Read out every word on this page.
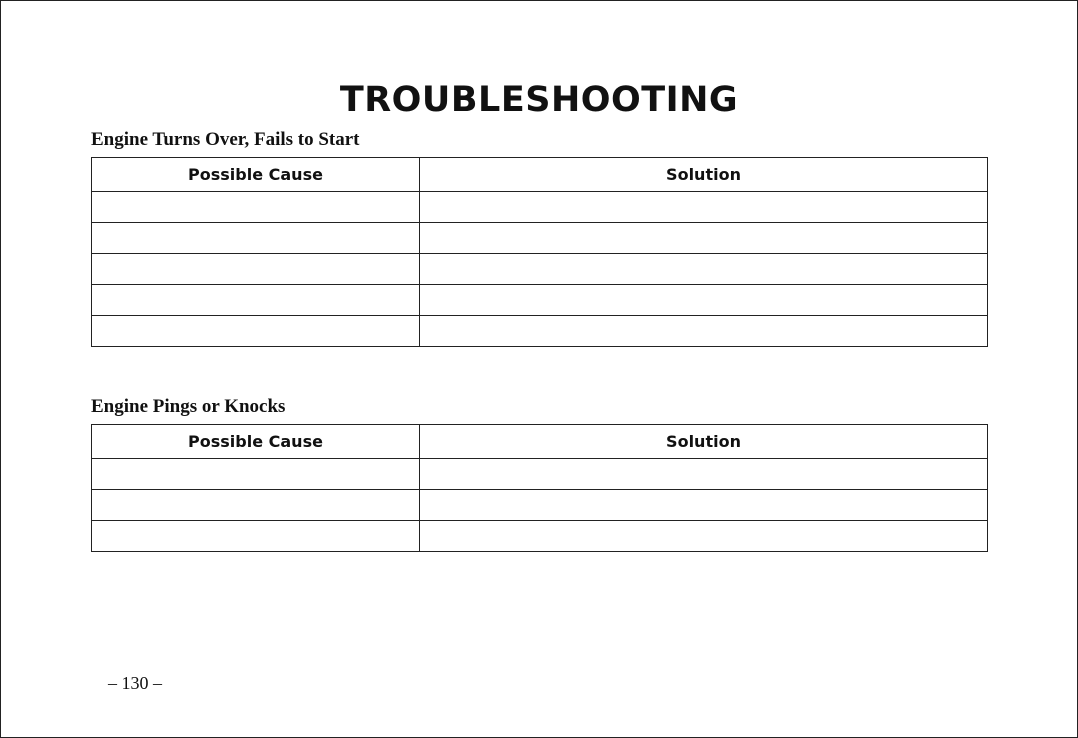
TROUBLESHOOTING
Engine Turns Over, Fails to Start
Possible Cause	Solution

Engine Pings or Knocks
Possible Cause	Solution

– 130 –
